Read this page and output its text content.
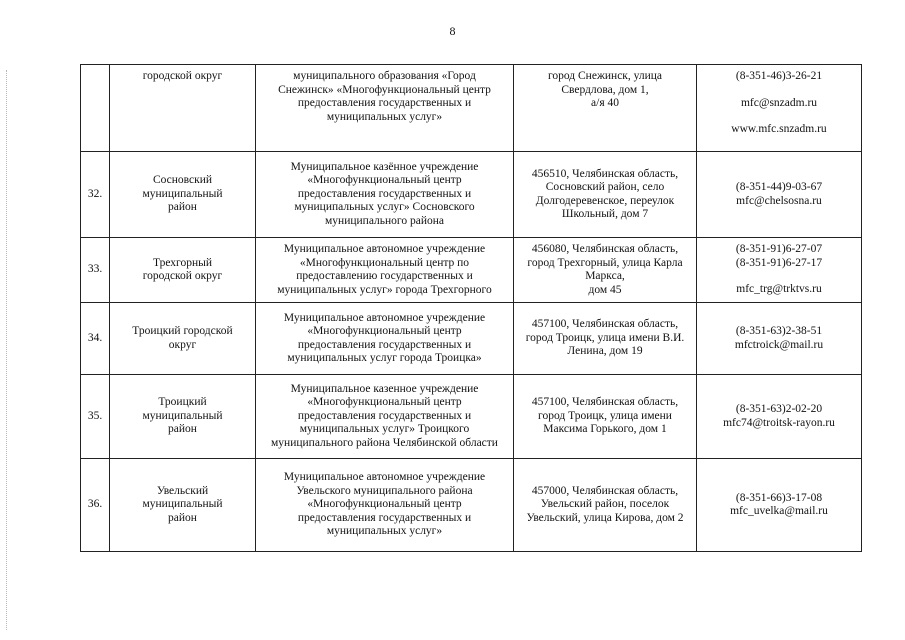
8

	городской округ	муниципального образования «Город
Снежинск» «Многофункциональный центр
предоставления государственных и
муниципальных услуг»	город Снежинск, улица
Свердлова, дом 1,
а/я 40	(8-351-46)3-26-21
mfc@snzadm.ru
www.mfc.snzadm.ru

32.	Сосновский
муниципальный
район	Муниципальное казённое учреждение
«Многофункциональный центр
предоставления государственных и
муниципальных услуг» Сосновского
муниципального района	456510, Челябинская область,
Сосновский район, село
Долгодеревенское, переулок
Школьный, дом 7	(8-351-44)9-03-67
mfc@chelsosna.ru

33.	Трехгорный
городской округ	Муниципальное автономное учреждение
«Многофункциональный центр по
предоставлению государственных и
муниципальных услуг» города Трехгорного	456080, Челябинская область,
город Трехгорный, улица Карла
Маркса,
дом 45	(8-351-91)6-27-07
(8-351-91)6-27-17
mfc_trg@trktvs.ru

34.	Троицкий городской
округ	Муниципальное автономное учреждение
«Многофункциональный центр
предоставления государственных и
муниципальных услуг города Троицка»	457100, Челябинская область,
город Троицк, улица имени В.И.
Ленина, дом 19	(8-351-63)2-38-51
mfctroick@mail.ru

35.	Троицкий
муниципальный
район	Муниципальное казенное учреждение
«Многофункциональный центр
предоставления государственных и
муниципальных услуг» Троицкого
муниципального района Челябинской области	457100, Челябинская область,
город Троицк, улица имени
Максима Горького, дом 1	(8-351-63)2-02-20
mfc74@troitsk-rayon.ru

36.	Увельский
муниципальный
район	Муниципальное автономное учреждение
Увельского муниципального района
«Многофункциональный центр
предоставления государственных и
муниципальных услуг»	457000, Челябинская область,
Увельский район, поселок
Увельский, улица Кирова, дом 2	(8-351-66)3-17-08
mfc_uvelka@mail.ru
